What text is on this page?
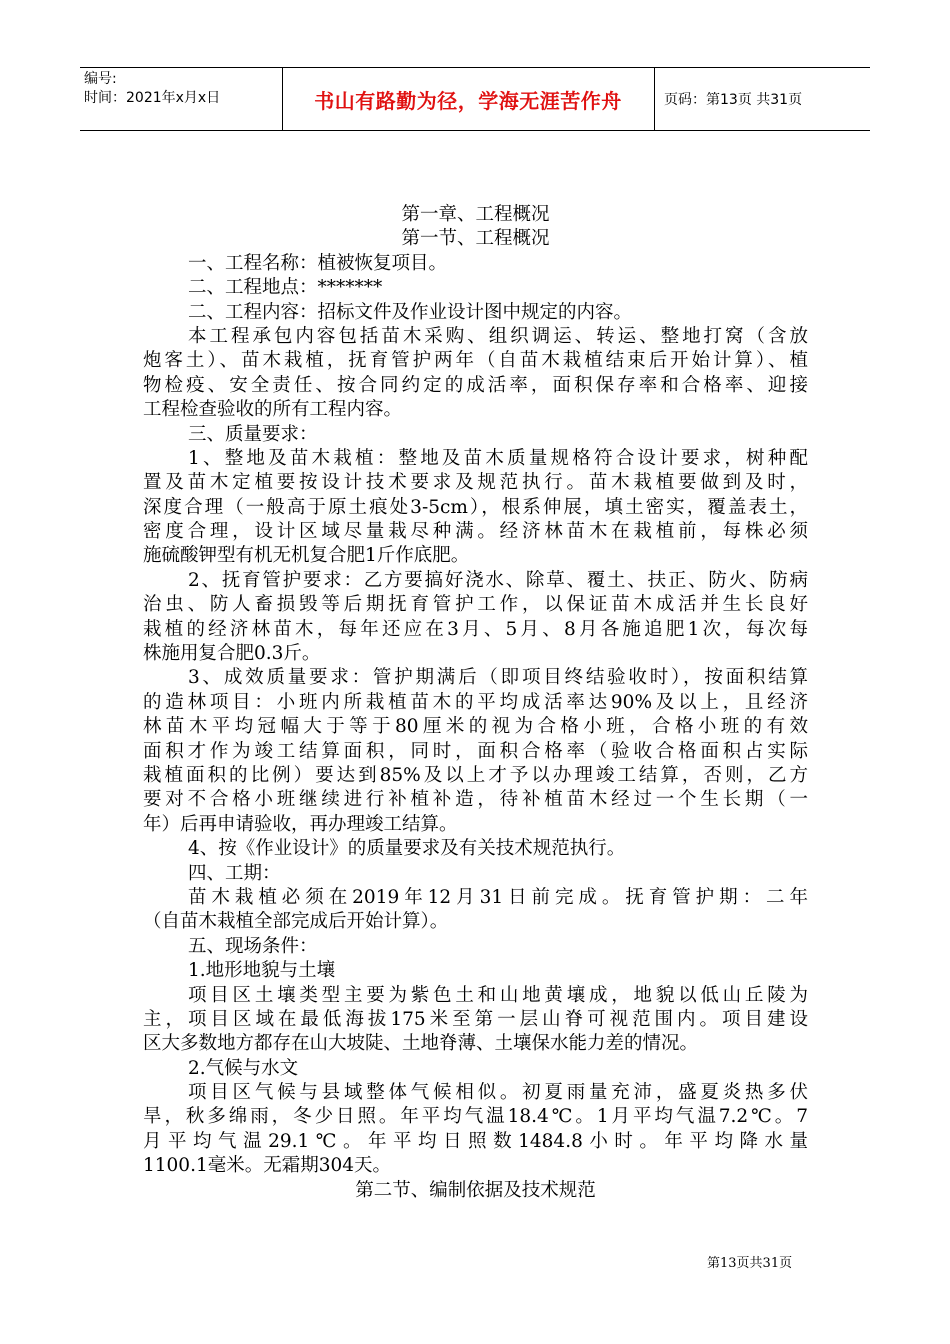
编号:
时间：2021年x月x日	书山有路勤为径，学海无涯苦作舟	页码：第13页 共31页
第一章、工程概况
第一节、工程概况
一、工程名称：植被恢复项目。
二、工程地点：*******
二、工程内容：招标文件及作业设计图中规定的内容。
本工程承包内容包括苗木采购、组织调运、转运、整地打窝（含放
炮客土）、苗木栽植，抚育管护两年（自苗木栽植结束后开始计算）、植
物检疫、安全责任、按合同约定的成活率，面积保存率和合格率、迎接
工程检查验收的所有工程内容。
三、质量要求：
1、整地及苗木栽植：整地及苗木质量规格符合设计要求，树种配
置及苗木定植要按设计技术要求及规范执行。苗木栽植要做到及时，
深度合理（一般高于原土痕处3-5cm），根系伸展，填土密实，覆盖表土，
密度合理，设计区域尽量栽尽种满。经济林苗木在栽植前，每株必须
施硫酸钾型有机无机复合肥1斤作底肥。
2、抚育管护要求：乙方要搞好浇水、除草、覆土、扶正、防火、防病
治虫、防人畜损毁等后期抚育管护工作，以保证苗木成活并生长良好
栽植的经济林苗木，每年还应在3月、5月、8月各施追肥1次，每次每
株施用复合肥0.3斤。
3、成效质量要求：管护期满后（即项目终结验收时），按面积结算
的造林项目：小班内所栽植苗木的平均成活率达90%及以上，且经济
林苗木平均冠幅大于等于80厘米的视为合格小班，合格小班的有效
面积才作为竣工结算面积，同时，面积合格率（验收合格面积占实际
栽植面积的比例）要达到85%及以上才予以办理竣工结算，否则，乙方
要对不合格小班继续进行补植补造，待补植苗木经过一个生长期（一
年）后再申请验收，再办理竣工结算。
4、按《作业设计》的质量要求及有关技术规范执行。
四、工期：
苗木栽植必须在2019年12月31日前完成。抚育管护期：二年
（自苗木栽植全部完成后开始计算）。
五、现场条件：
1.地形地貌与土壤
项目区土壤类型主要为紫色土和山地黄壤成，地貌以低山丘陵为
主，项目区域在最低海拔175米至第一层山脊可视范围内。项目建设
区大多数地方都存在山大坡陡、土地脊薄、土壤保水能力差的情况。
2.气候与水文
项目区气候与县域整体气候相似。初夏雨量充沛，盛夏炎热多伏
旱，秋多绵雨，冬少日照。年平均气温18.4℃。1月平均气温7.2℃。7
月平均气温29.1℃。年平均日照数1484.8小时。年平均降水量
1100.1毫米。无霜期304天。
第二节、编制依据及技术规范
第13页共31页
